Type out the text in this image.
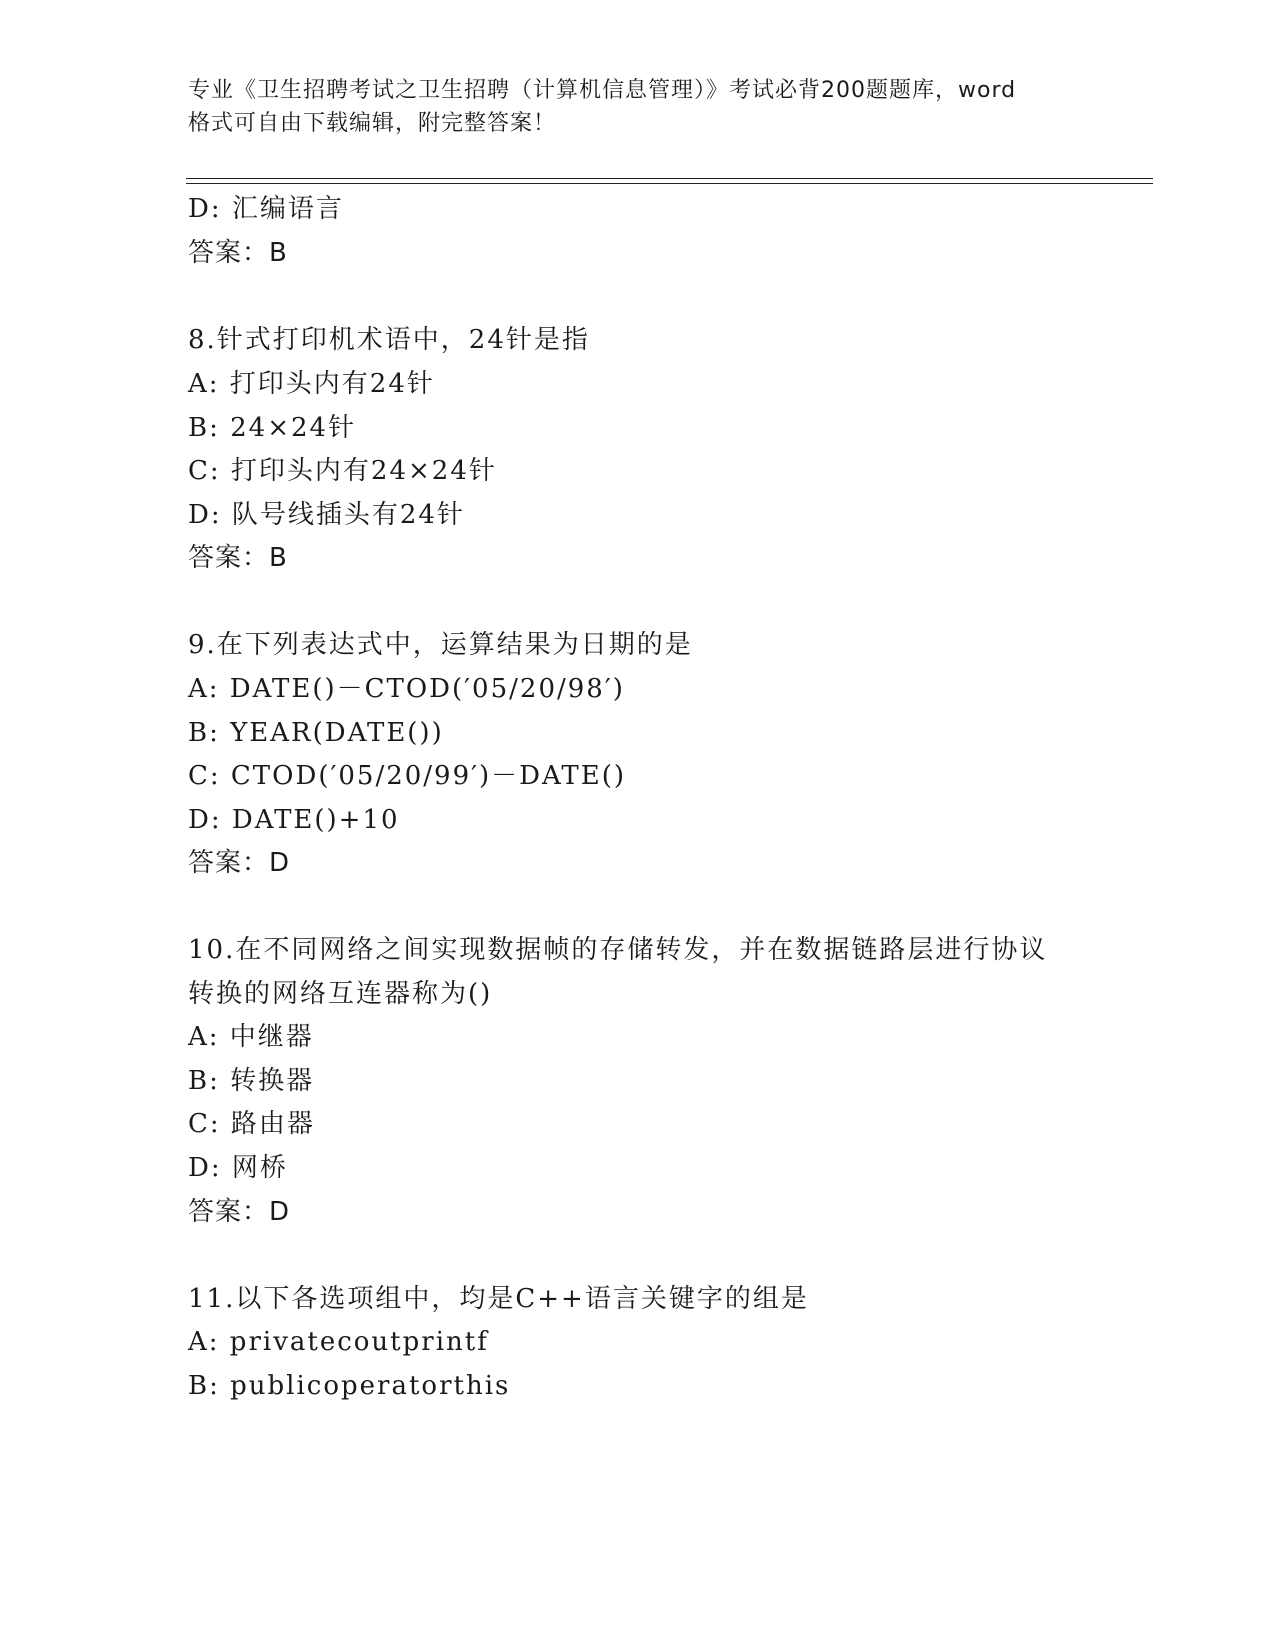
专业《卫生招聘考试之卫生招聘（计算机信息管理）》考试必背200题题库，word
格式可自由下载编辑，附完整答案！
D: 汇编语言
答案：B
8.针式打印机术语中，24针是指
A: 打印头内有24针
B: 24×24针
C: 打印头内有24×24针
D: 队号线插头有24针
答案：B
9.在下列表达式中，运算结果为日期的是
A: DATE()－CTOD(′05/20/98′)
B: YEAR(DATE())
C: CTOD(′05/20/99′)－DATE()
D: DATE()+10
答案：D
10.在不同网络之间实现数据帧的存储转发，并在数据链路层进行协议
转换的网络互连器称为()
A: 中继器
B: 转换器
C: 路由器
D: 网桥
答案：D
11.以下各选项组中，均是C++语言关键字的组是
A: privatecoutprintf
B: publicoperatorthis
